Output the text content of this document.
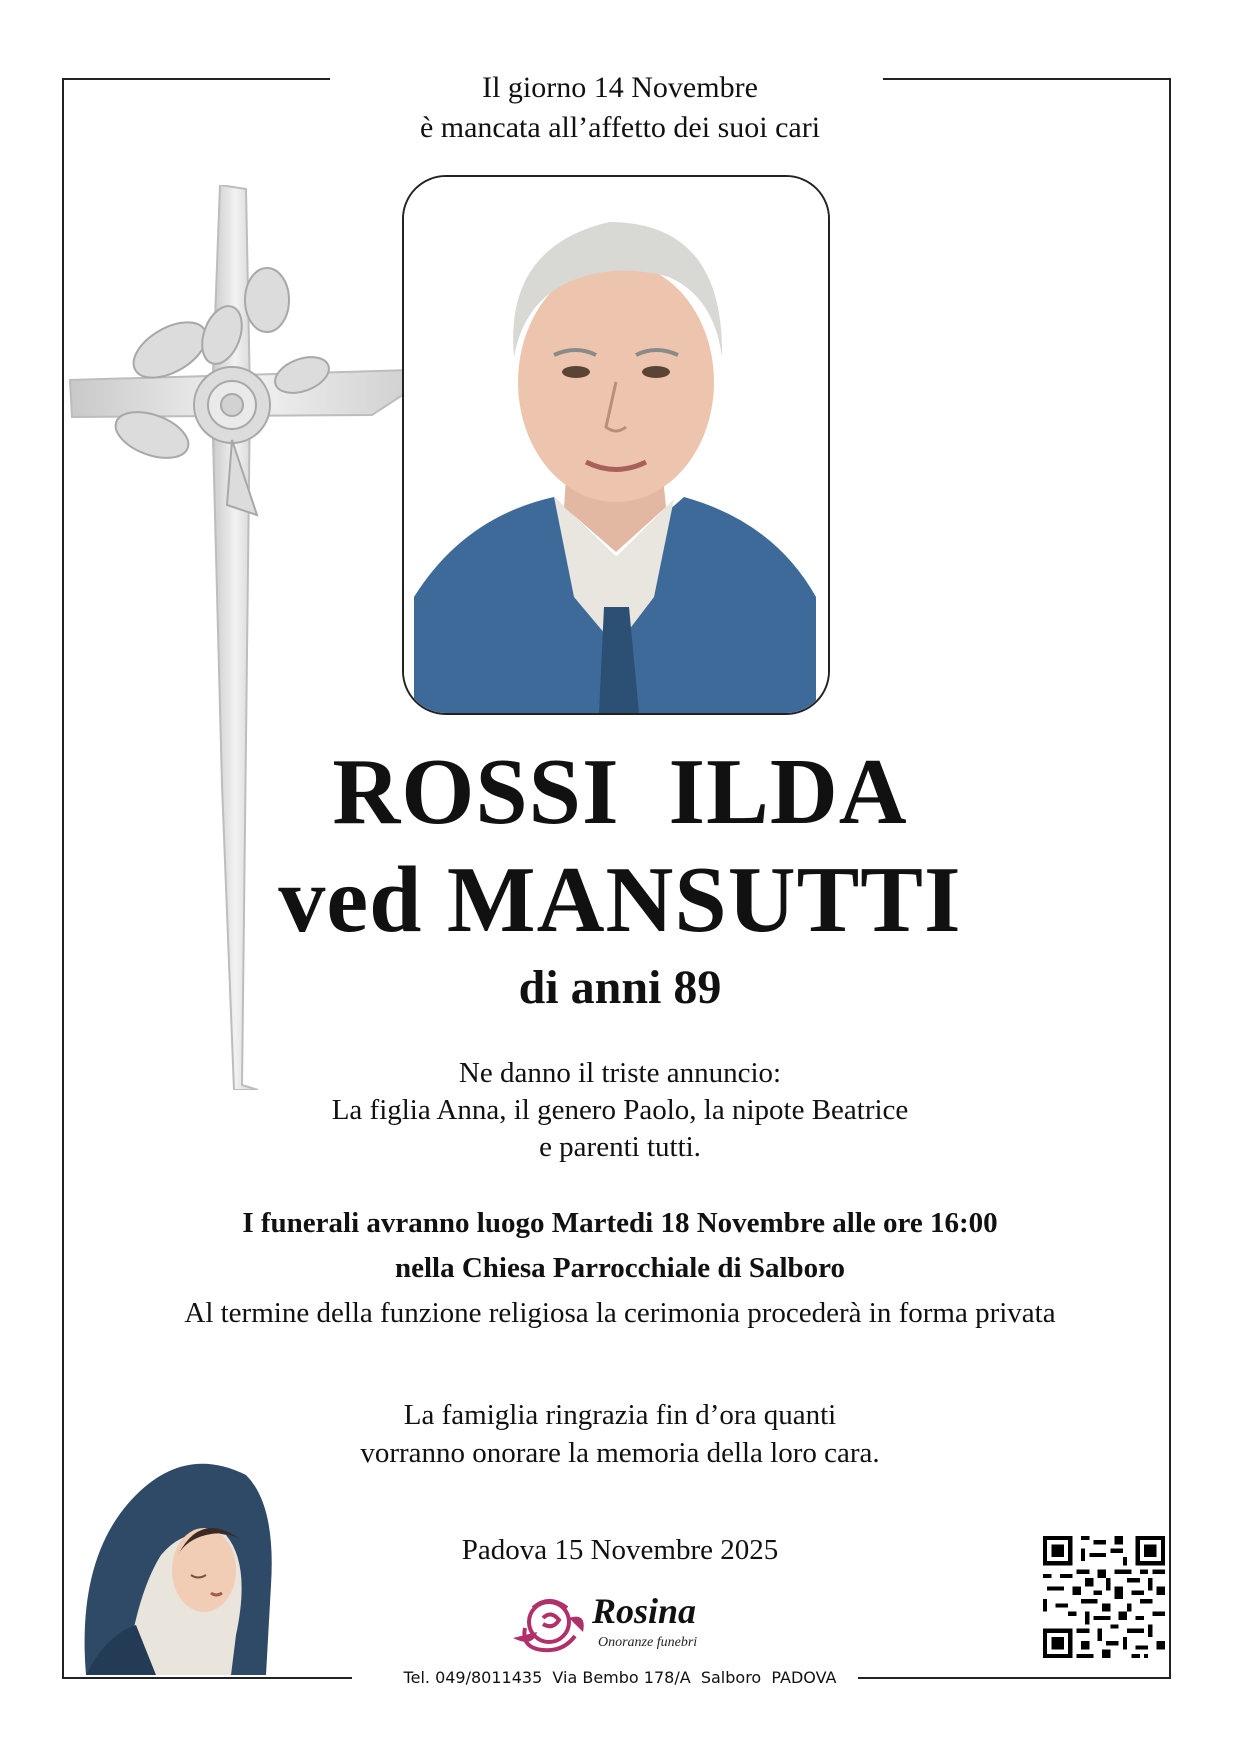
Il giorno 14 Novembre
è mancata all’affetto dei suoi cari
ROSSI  ILDA
ved MANSUTTI
di anni 89
Ne danno il triste annuncio:
La figlia Anna, il genero Paolo, la nipote Beatrice
e parenti tutti.
I funerali avranno luogo Martedi 18 Novembre alle ore 16:00
nella Chiesa Parrocchiale di Salboro
Al termine della funzione religiosa la cerimonia procederà in forma privata
La famiglia ringrazia fin d’ora quanti
vorranno onorare la memoria della loro cara.
Padova 15 Novembre 2025
Rosina
Onoranze funebri
Tel. 049/8011435  Via Bembo 178/A  Salboro  PADOVA
